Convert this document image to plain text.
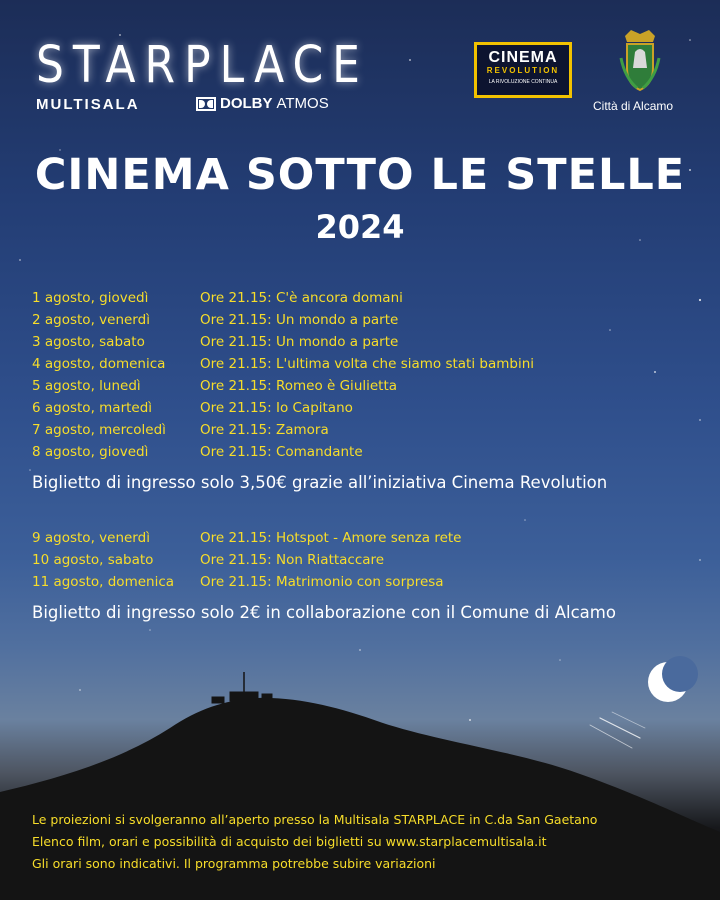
STARPLACE
MULTISALA	DOLBY ATMOS
CINEMA
REVOLUTION
LA RIVOLUZIONE CONTINUA
Città di Alcamo
CINEMA SOTTO LE STELLE
2024
1 agosto, giovedì	Ore 21.15: C'è ancora domani
2 agosto, venerdì	Ore 21.15: Un mondo a parte
3 agosto, sabato	Ore 21.15: Un mondo a parte
4 agosto, domenica	Ore 21.15: L'ultima volta che siamo stati bambini
5 agosto, lunedì	Ore 21.15: Romeo è Giulietta
6 agosto, martedì	Ore 21.15: Io Capitano
7 agosto, mercoledì	Ore 21.15: Zamora
8 agosto, giovedì	Ore 21.15: Comandante
Biglietto di ingresso solo 3,50€ grazie all’iniziativa Cinema Revolution
9 agosto, venerdì	Ore 21.15: Hotspot - Amore senza rete
10 agosto, sabato	Ore 21.15: Non Riattaccare
11 agosto, domenica	Ore 21.15: Matrimonio con sorpresa
Biglietto di ingresso solo 2€ in collaborazione con il Comune di Alcamo
Le proiezioni si svolgeranno all’aperto presso la Multisala STARPLACE in C.da San Gaetano
Elenco film, orari e possibilità di acquisto dei biglietti su www.starplacemultisala.it
Gli orari sono indicativi. Il programma potrebbe subire variazioni
